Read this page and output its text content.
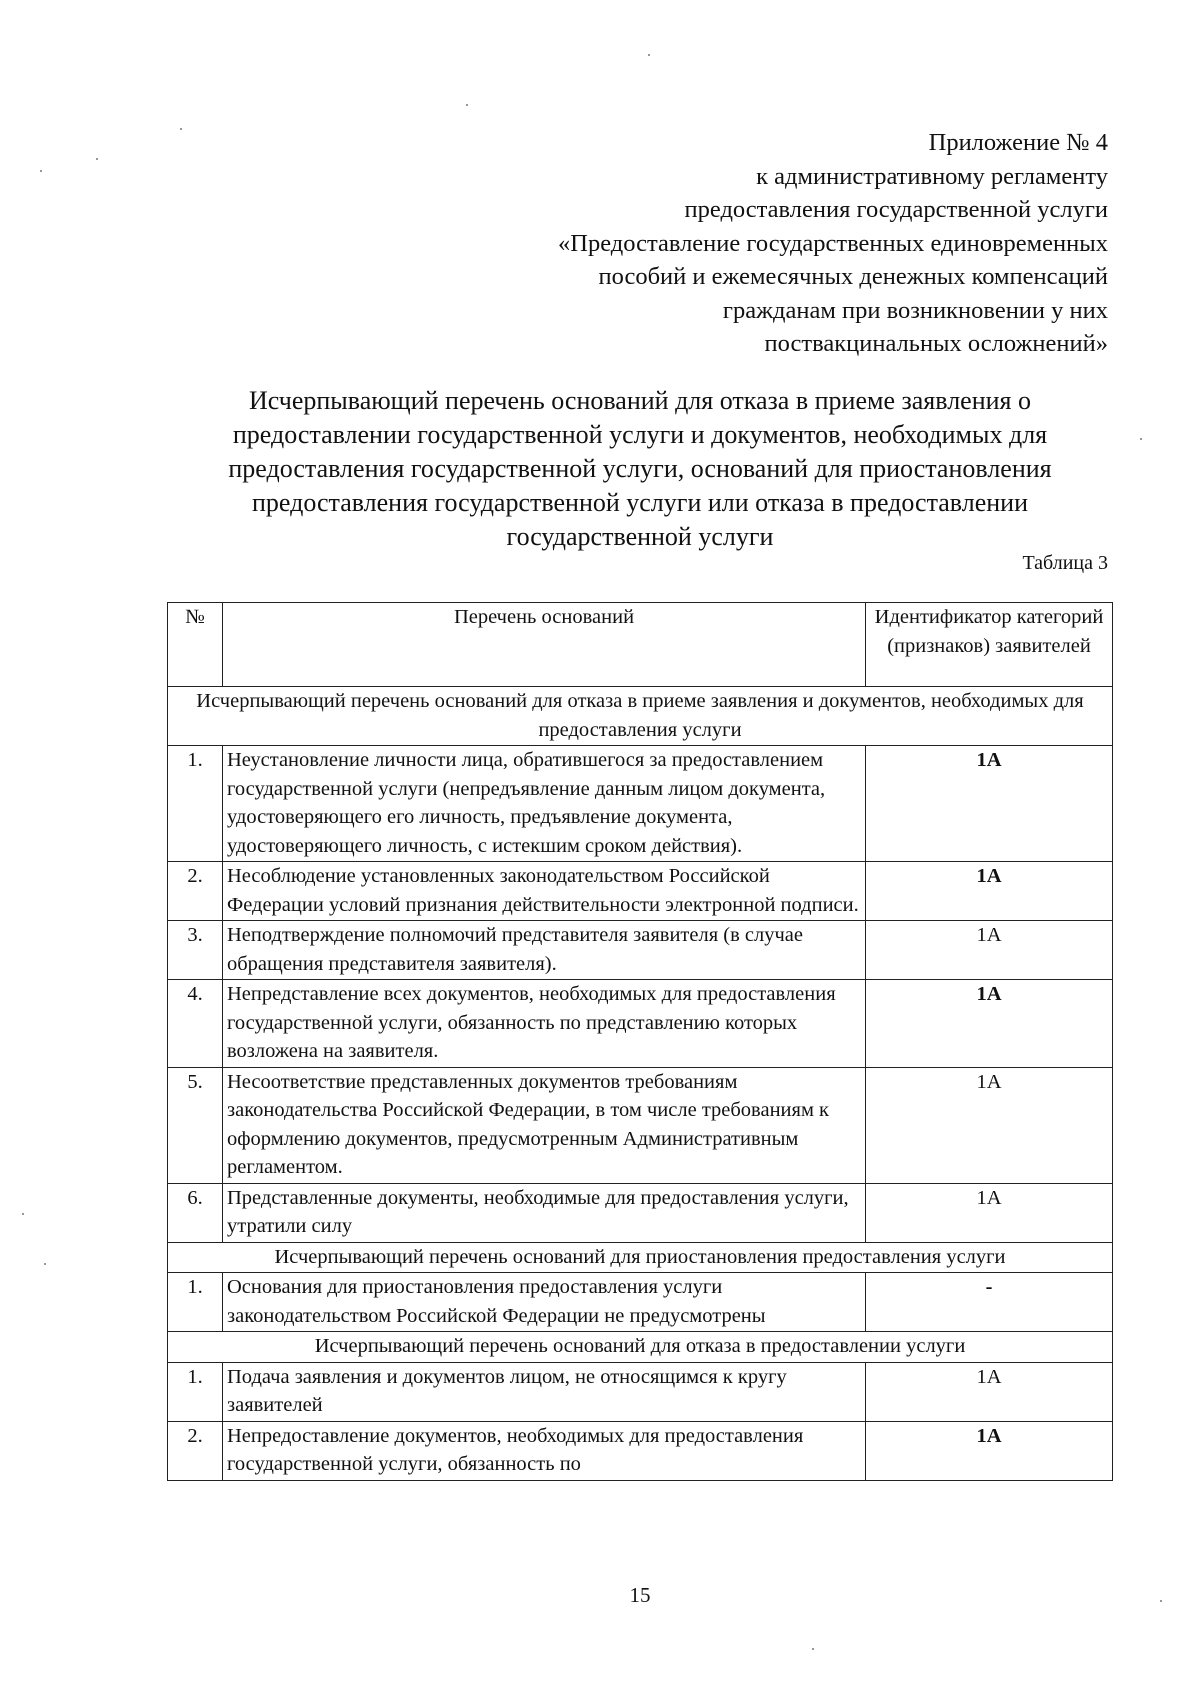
Приложение № 4
к административному регламенту
предоставления государственной услуги
«Предоставление государственных единовременных
пособий и ежемесячных денежных компенсаций
гражданам при возникновении у них
поствакцинальных осложнений»
Исчерпывающий перечень оснований для отказа в приеме заявления о
предоставлении государственной услуги и документов, необходимых для
предоставления государственной услуги, оснований для приостановления
предоставления государственной услуги или отказа в предоставлении
государственной услуги
Таблица 3
№	Перечень оснований	Идентификатор категорий (признаков) заявителей
Исчерпывающий перечень оснований для отказа в приеме заявления и документов, необходимых для предоставления услуги		
1.	Неустановление личности лица, обратившегося за предоставлением государственной услуги (непредъявление данным лицом документа, удостоверяющего его личность, предъявление документа, удостоверяющего личность, с истекшим сроком действия).	1А
2.	Несоблюдение установленных законодательством Российской Федерации условий признания действительности электронной подписи.	1А
3.	Неподтверждение полномочий представителя заявителя (в случае обращения представителя заявителя).	1А
4.	Непредставление всех документов, необходимых для предоставления государственной услуги, обязанность по представлению которых возложена на заявителя.	1А
5.	Несоответствие представленных документов требованиям законодательства Российской Федерации, в том числе требованиям к оформлению документов, предусмотренным Административным регламентом.	1А
6.	Представленные документы, необходимые для предоставления услуги, утратили силу	1А
Исчерпывающий перечень оснований для приостановления предоставления услуги		
1.	Основания для приостановления предоставления услуги законодательством Российской Федерации не предусмотрены	-
Исчерпывающий перечень оснований для отказа в предоставлении услуги		
1.	Подача заявления и документов лицом, не относящимся к кругу заявителей	1А
2.	Непредоставление документов, необходимых для предоставления государственной услуги, обязанность по	1А
15
